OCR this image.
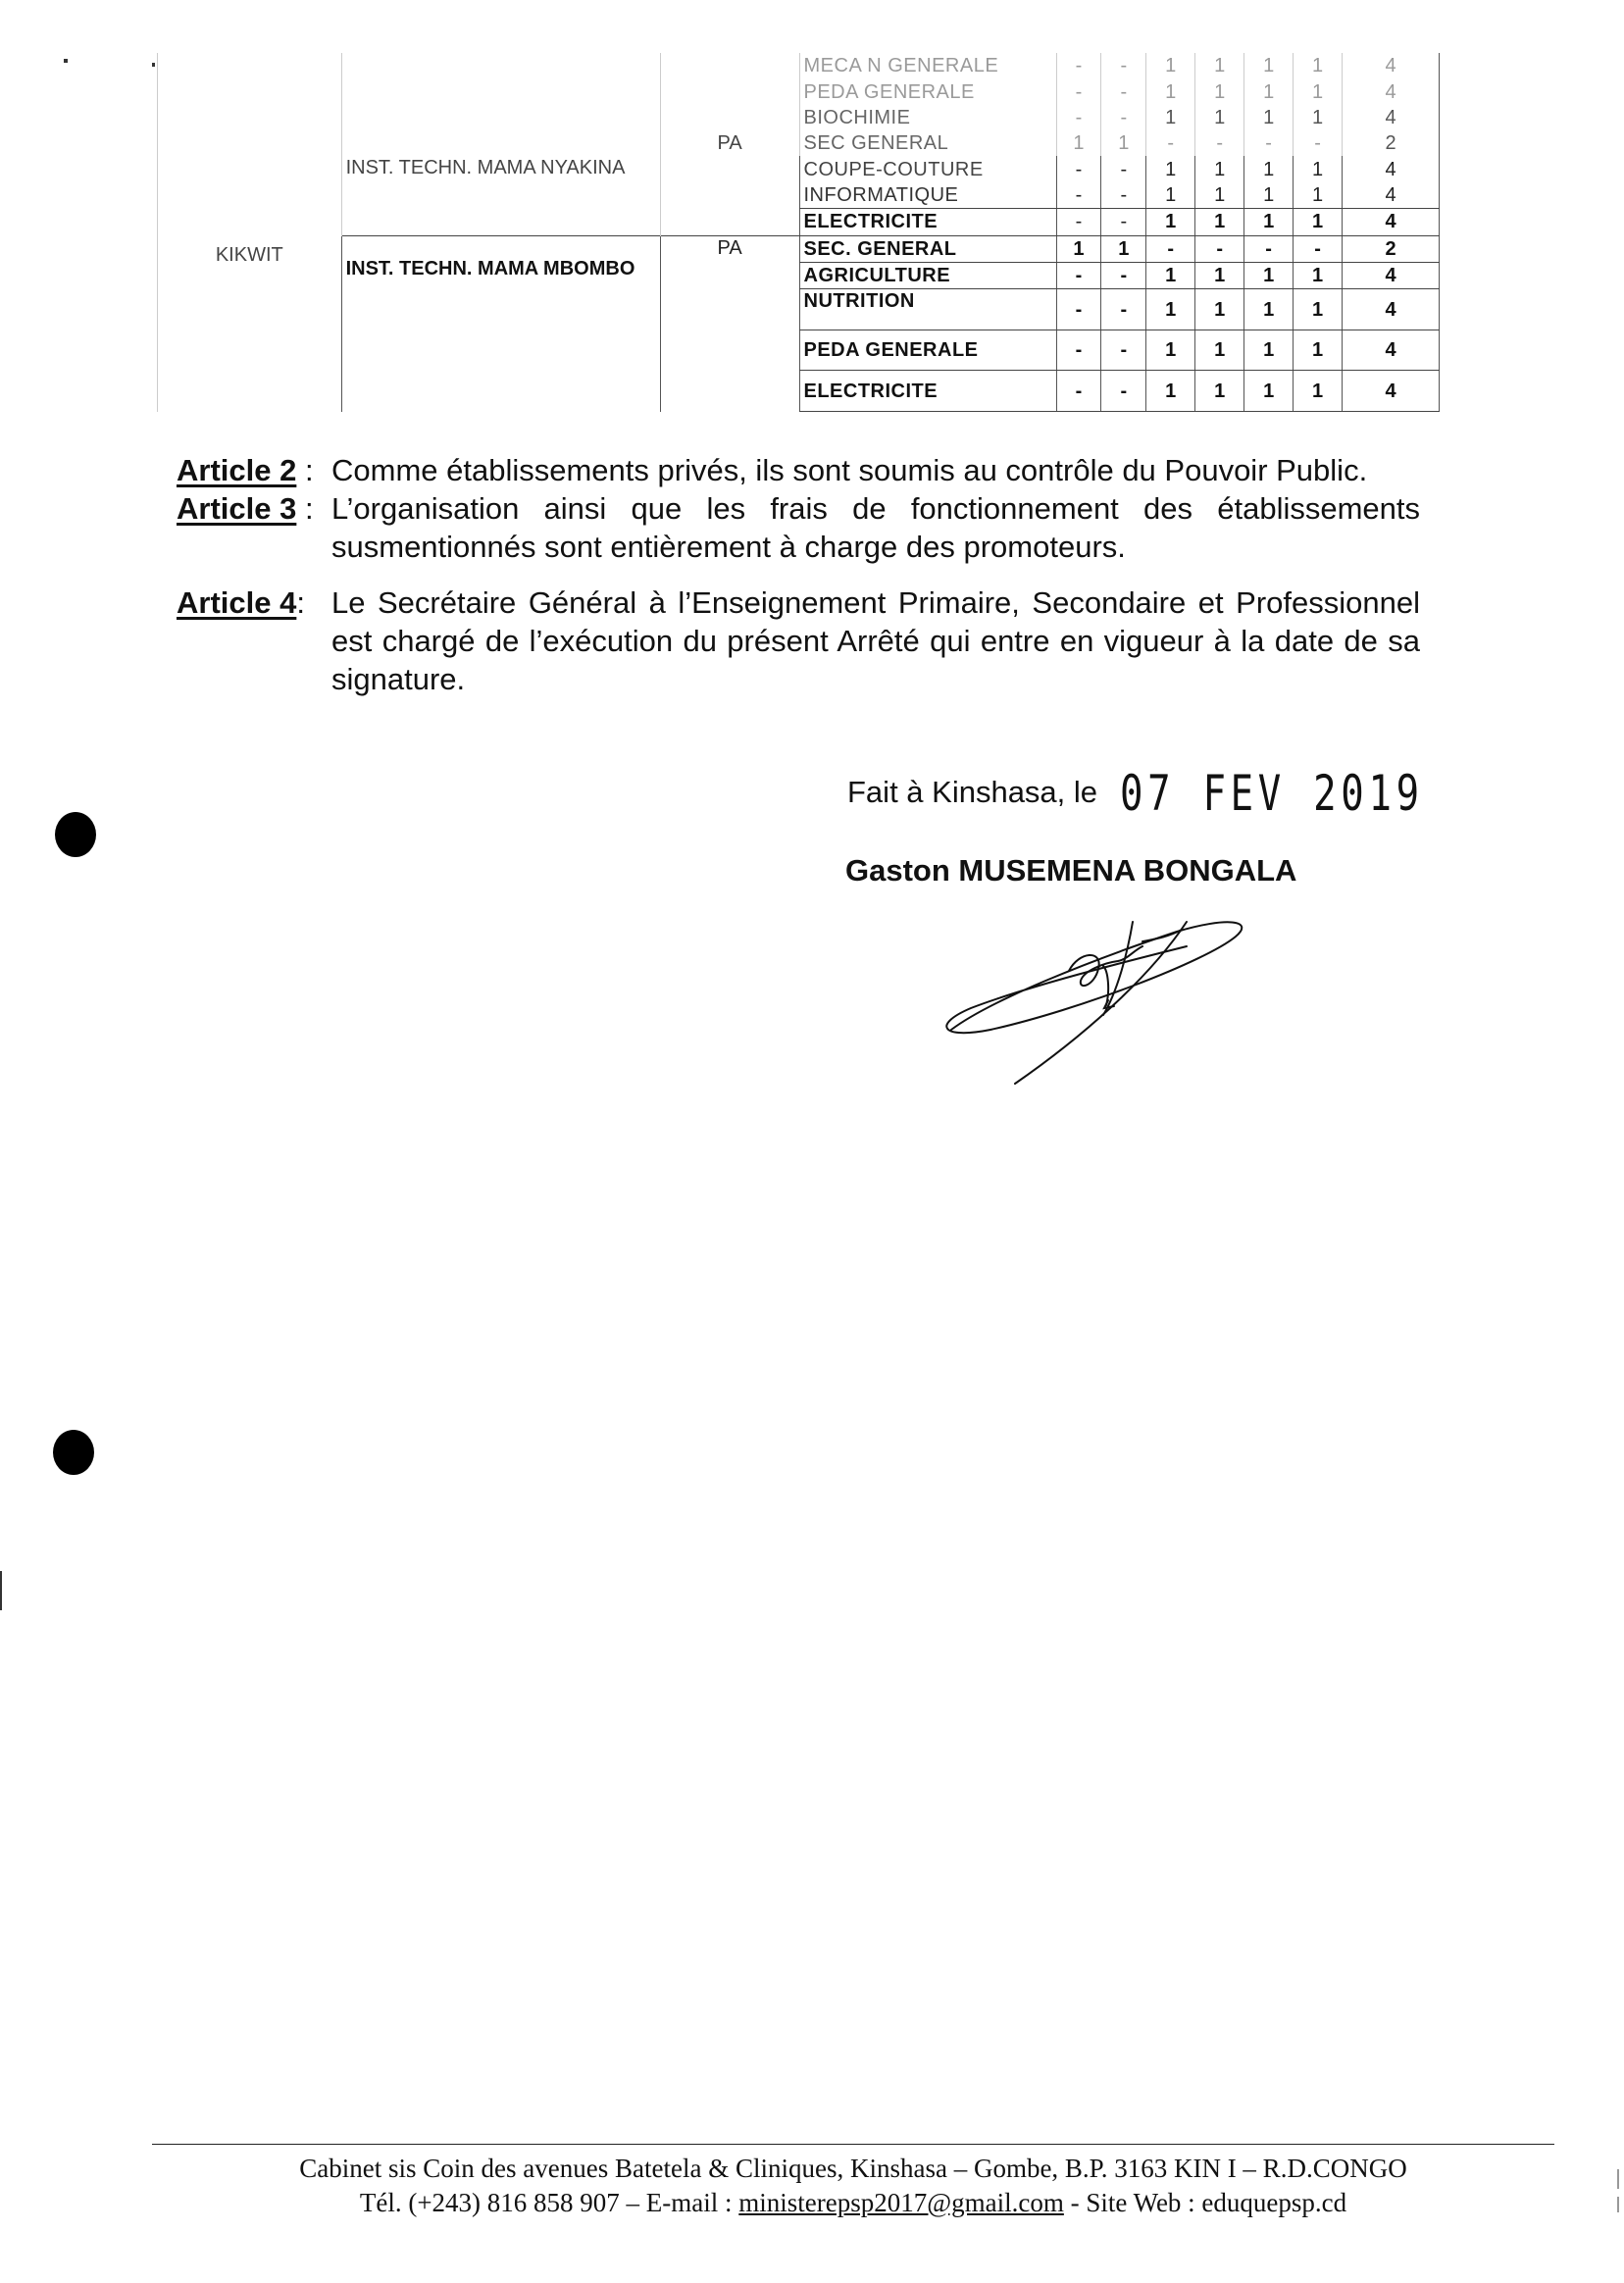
KIKWIT	INST. TECHN. MAMA NYAKINA	PA	MECA N GENERALE	-	-	1	1	1	1	4
			PEDA GENERALE	-	-	1	1	1	1	4
			BIOCHIMIE	-	-	1	1	1	1	4
			SEC GENERAL	1	1	-	-	-	-	2
			COUPE-COUTURE	-	-	1	1	1	1	4
			INFORMATIQUE	-	-	1	1	1	1	4
			ELECTRICITE	-	-	1	1	1	1	4
	INST. TECHN. MAMA MBOMBO	PA	SEC. GENERAL	1	1	-	-	-	-	2
			AGRICULTURE	-	-	1	1	1	1	4
			NUTRITION	-	-	1	1	1	1	4
			PEDA GENERALE	-	-	1	1	1	1	4
			ELECTRICITE	-	-	1	1	1	1	4
Article 2 : Comme établissements privés, ils sont soumis au contrôle du Pouvoir Public.
Article 3 : L’organisation ainsi que les frais de fonctionnement des établissements susmentionnés sont entièrement à charge des promoteurs.
Article 4: Le Secrétaire Général à l’Enseignement Primaire, Secondaire et Professionnel est chargé de l’exécution du présent Arrêté qui entre en vigueur à la date de sa signature.
Fait à Kinshasa, le 07 FEV 2019
Gaston MUSEMENA BONGALA
Cabinet sis Coin des avenues Batetela & Cliniques, Kinshasa – Gombe, B.P. 3163 KIN I – R.D.CONGO
Tél. (+243) 816 858 907 – E-mail : ministerepsp2017@gmail.com - Site Web : eduquepsp.cd
